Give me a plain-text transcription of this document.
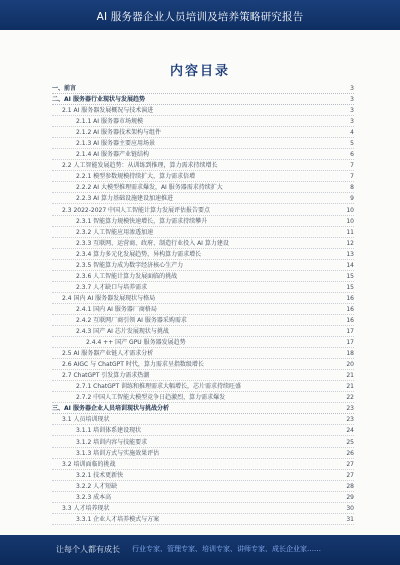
AI 服务器企业人员培训及培养策略研究报告
内容目录
一、前言	3
二、AI 服务器行业现状与发展趋势	3
2.1 AI 服务器发展概况与技术演进	3
2.1.1 AI 服务器市场规模	3
2.1.2 AI 服务器技术架构与组件	4
2.1.3 AI 服务器主要应用场景	5
2.1.4 AI 服务器产业链结构	6
2.2 人工智能发展趋势：从训练到推理，算力需求持续增长	7
2.2.1 模型参数规模持续扩大，算力需求倍增	7
2.2.2 AI 大模型推理需求爆发，AI 服务器需求持续扩大	8
2.2.3 AI 算力基础设施建设加速推进	9
2.3 2022-2027 中国人工智能计算力发展评估报告要点	10
2.3.1 智能算力规模快速增长，算力需求持续攀升	10
2.3.2 人工智能应用渗透加速	11
2.3.3 互联网、运营商、政府、制造行业投入 AI 算力建设	12
2.3.4 算力多元化发展趋势，异构算力需求增长	13
2.3.5 智能算力成为数字经济核心生产力	14
2.3.6 人工智能计算力发展面临的挑战	15
2.3.7 人才缺口与培养需求	15
2.4 国内 AI 服务器发展现状与格局	16
2.4.1 国内 AI 服务器厂商格局	16
2.4.2 互联网厂商引领 AI 服务器采购需求	16
2.4.3 国产 AI 芯片发展现状与挑战	17
2.4.4 ++ 国产 GPU 服务器发展趋势	17
2.5 AI 服务器产业链人才需求分析	18
2.6 AIGC 与 ChatGPT 时代，算力需求呈指数级增长	20
2.7 ChatGPT 引发算力需求热潮	21
2.7.1 ChatGPT 训练和推理需求大幅增长，芯片需求持续旺盛	21
2.7.2 中国人工智能大模型竞争日趋激烈，算力需求爆发	22
三、AI 服务器企业人员培训现状与挑战分析	23
3.1 人员培训现状	23
3.1.1 培训体系建设现状	24
3.1.2 培训内容与技能要求	25
3.1.3 培训方式与实施效果评估	26
3.2 培训面临的挑战	27
3.2.1 技术更新快	27
3.2.2 人才短缺	28
3.2.3 成本高	29
3.3 人才培养现状	30
3.3.1 企业人才培养模式与方案	31
让每个人都有成长 行业专家、管理专家、培训专家、讲师专家、成长企业家……
